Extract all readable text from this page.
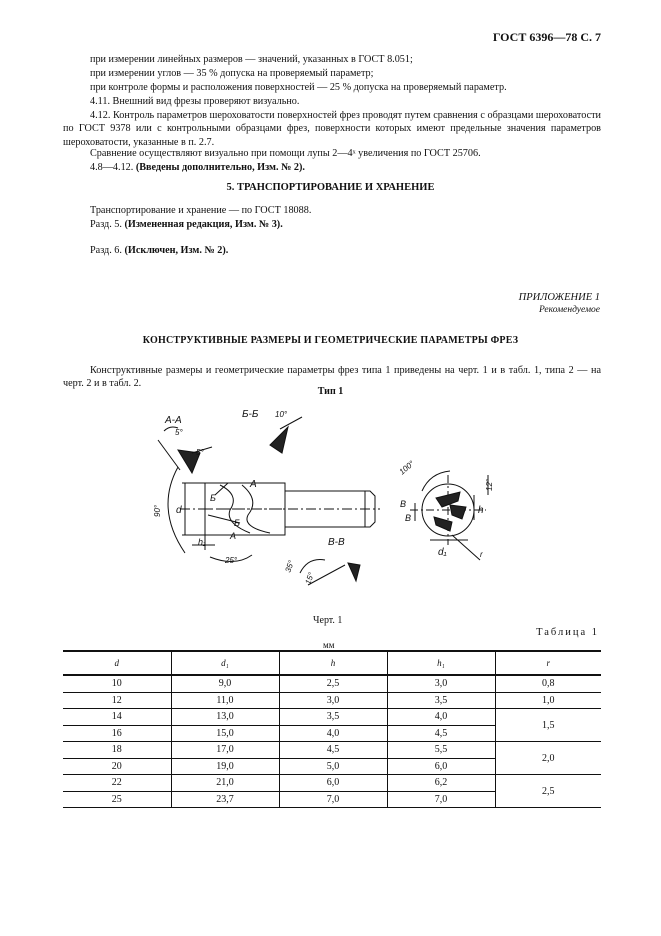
ГОСТ 6396—78 С. 7
при измерении линейных размеров — значений, указанных в ГОСТ 8.051;
при измерении углов — 35 % допуска на проверяемый параметр;
при контроле формы и расположения поверхностей — 25 % допуска на проверяемый параметр.
4.11. Внешний вид фрезы проверяют визуально.
4.12. Контроль параметров шероховатости поверхностей фрез проводят путем сравнения с образцами шероховатости по ГОСТ 9378 или с контрольными образцами фрез, поверхности которых имеют предельные значения параметров шероховатости, указанные в п. 2.7.
Сравнение осуществляют визуально при помощи лупы 2—4ˣ увеличения по ГОСТ 25706.
4.8—4.12. (Введены дополнительно, Изм. № 2).
Транспортирование и хранение — по ГОСТ 18088.
Разд. 5. (Измененная редакция, Изм. № 3).
Разд. 6. (Исключен, Изм. № 2).
Конструктивные размеры и геометрические параметры фрез типа 1 приведены на черт. 1 и в табл. 1, типа 2 — на черт. 2 и в табл. 2.
5. ТРАНСПОРТИРОВАНИЕ И ХРАНЕНИЕ
ПРИЛОЖЕНИЕ 1
Рекомендуемое
КОНСТРУКТИВНЫЕ РАЗМЕРЫ И ГЕОМЕТРИЧЕСКИЕ ПАРАМЕТРЫ ФРЕЗ
Тип 1
А-А
Б-Б
В-В
5°
5°
10°
А
А
Б
Б
В
В
90°
25°	35°
15°
100°
12°
d
d₁
h
h₁
r
Черт. 1
Таблица 1
мм
d	d₁	h	h₁	r
10	9,0	2,5	3,0	0,8
12	11,0	3,0	3,5	1,0
14	13,0	3,5	4,0	1,5
16	15,0	4,0	4,5	
18	17,0	4,5	5,5	2,0
20	19,0	5,0	6,0	
22	21,0	6,0	6,2	2,5
25	23,7	7,0	7,0	
